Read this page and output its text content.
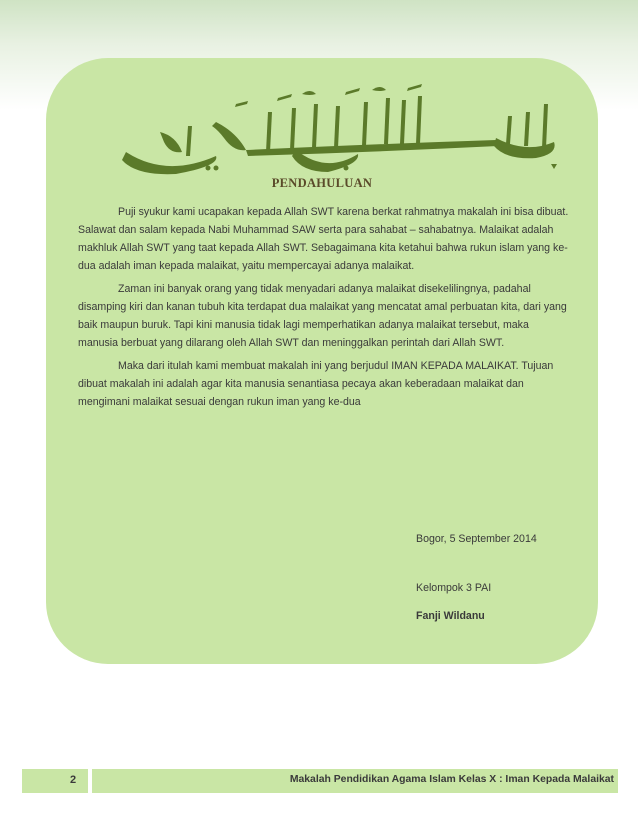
PENDAHULUAN

Puji syukur kami ucapakan kepada Allah SWT karena berkat rahmatnya makalah ini bisa dibuat. Salawat dan salam kepada Nabi Muhammad SAW serta para sahabat – sahabatnya. Malaikat adalah makhluk Allah SWT yang taat kepada Allah SWT. Sebagaimana kita ketahui bahwa rukun islam yang ke-dua adalah iman kepada malaikat, yaitu mempercayai adanya malaikat.

Zaman ini banyak orang yang tidak menyadari adanya malaikat disekelilingnya, padahal disamping kiri dan kanan tubuh kita terdapat dua malaikat yang mencatat amal perbuatan kita, dari yang baik maupun buruk. Tapi kini manusia tidak lagi memperhatikan adanya malaikat tersebut, maka manusia berbuat yang dilarang oleh Allah SWT dan meninggalkan perintah dari Allah SWT.

Maka dari itulah kami membuat makalah ini yang berjudul IMAN KEPADA MALAIKAT. Tujuan dibuat makalah ini adalah agar kita manusia senantiasa pecaya akan keberadaan malaikat dan mengimani malaikat sesuai dengan rukun iman yang ke-dua

Bogor, 5 September 2014
Kelompok 3 PAI
Fanji Wildanu
2	Makalah Pendidikan Agama Islam Kelas X : Iman Kepada Malaikat
